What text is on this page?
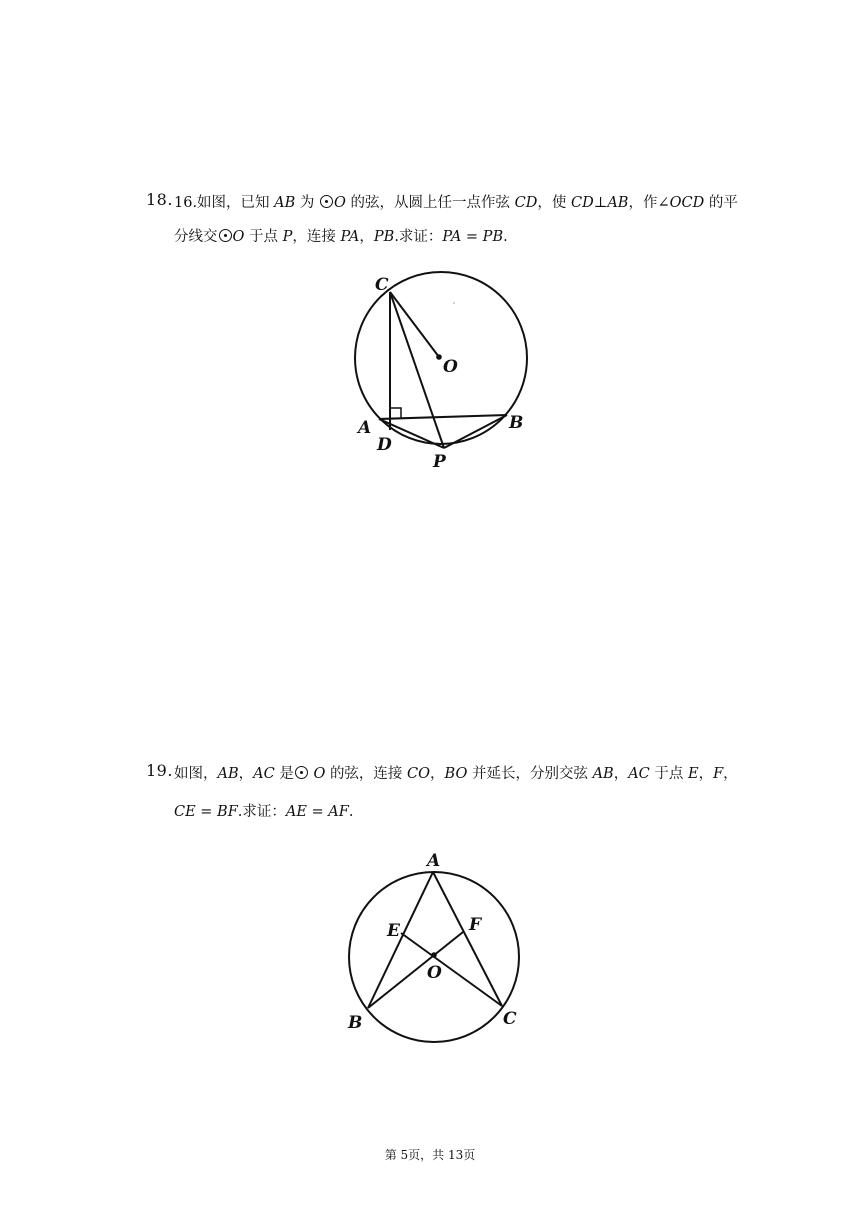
18. 16.如图，已知 AB 为 O 的弦，从圆上任一点作弦 CD，使 CD⊥AB，作∠OCD 的平
分线交 O 于点 P，连接 PA，PB.求证：PA = PB.
C
O
A	B
D
P
19. 如图，AB，AC 是 O 的弦，连接 CO，BO 并延长，分别交弦 AB，AC 于点 E，F，
CE = BF.求证：AE = AF.
A
E	F
O
B	C
第 5页，共 13页
